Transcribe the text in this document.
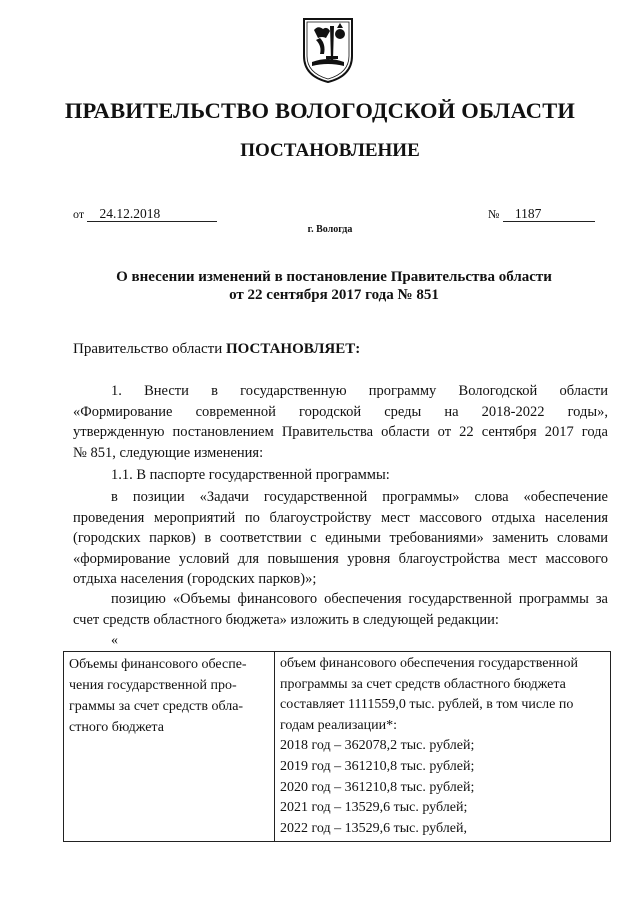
ПРАВИТЕЛЬСТВО ВОЛОГОДСКОЙ ОБЛАСТИ
ПОСТАНОВЛЕНИЕ
от 24.12.2018	№ 1187
г. Вологда
О внесении изменений в постановление Правительства области
от 22 сентября 2017 года № 851
Правительство области ПОСТАНОВЛЯЕТ:
1. Внести в государственную программу Вологодской области
«Формирование современной городской среды на 2018-2022 годы»,
утвержденную постановлением Правительства области от 22 сентября 2017 года
№ 851, следующие изменения:
1.1. В паспорте государственной программы:
в позиции «Задачи государственной программы» слова «обеспечение проведения мероприятий по благоустройству мест массового отдыха населения (городских парков) в соответствии с едиными требованиями» заменить словами «формирование условий для повышения уровня благоустройства мест массового отдыха населения (городских парков)»;
позицию «Объемы финансового обеспечения государственной программы за счет средств областного бюджета» изложить в следующей редакции:
«
Объемы финансового обеспе-
чения государственной про-
граммы за счет средств обла-
стного бюджета

объем финансового обеспечения государственной
программы за счет средств областного бюджета
составляет 1111559,0 тыс. рублей, в том числе по
годам реализации*:
2018 год – 362078,2 тыс. рублей;
2019 год – 361210,8 тыс. рублей;
2020 год – 361210,8 тыс. рублей;
2021 год – 13529,6 тыс. рублей;
2022 год – 13529,6 тыс. рублей,
